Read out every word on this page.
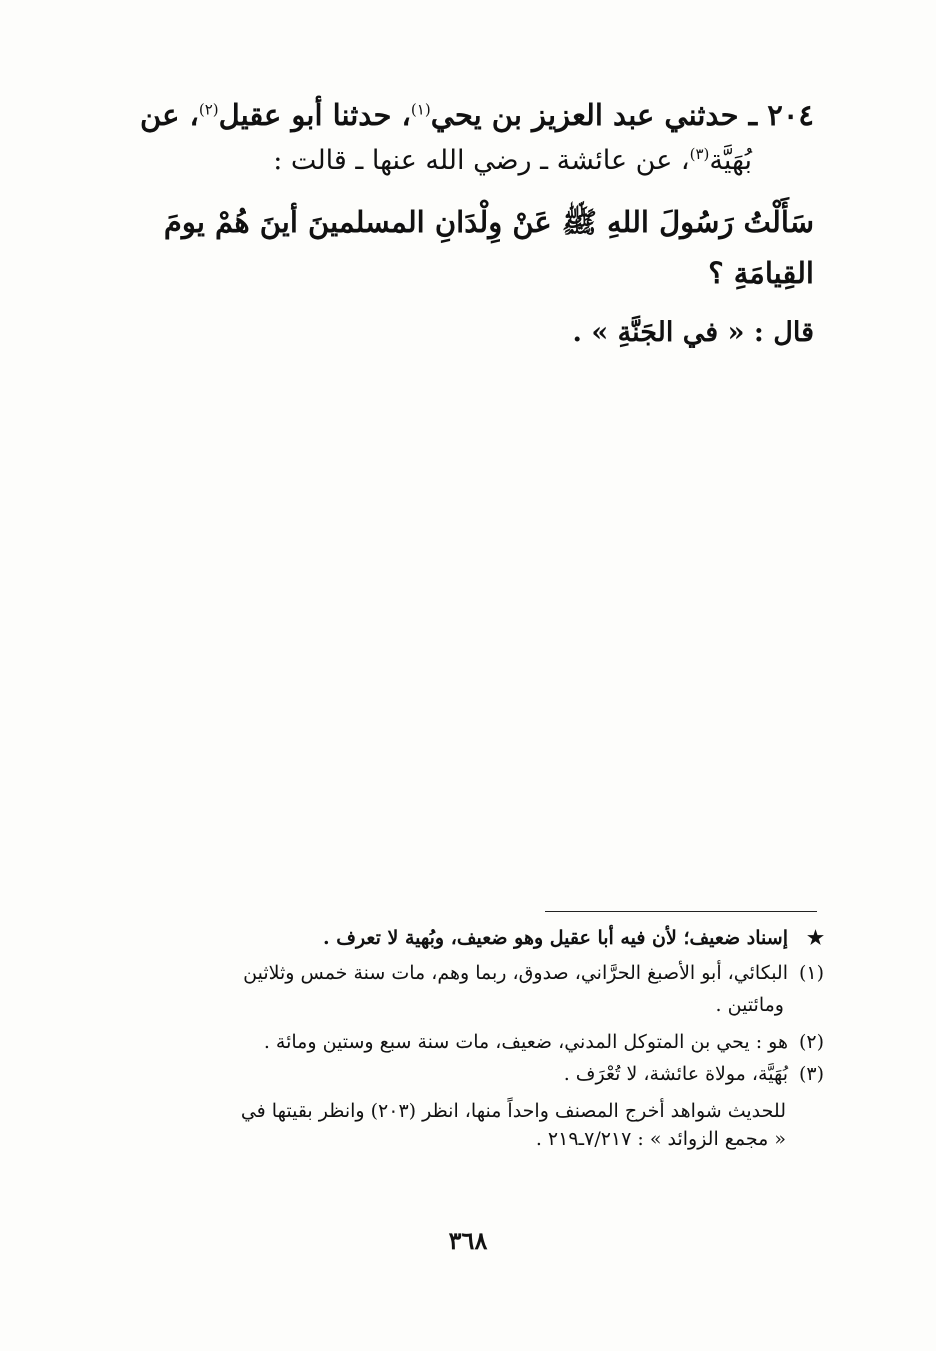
٢٠٤ ـ حدثني عبد العزيز بن يحي$^{(١)}$، حدثنا أبو عقيل$^{(٢)}$، عن
بُهَيَّة$^{(٣)}$، عن عائشة ـ رضي الله عنها ـ قالت :
سَأَلْتُ رَسُولَ اللهِ ﷺ عَنْ وِلْدَانِ المسلمينَ أينَ هُمْ يومَ
القِيامَةِ ؟
قال : « في الجَنَّةِ » .
★إسناد ضعيف؛ لأن فيه أبا عقيل وهو ضعيف، وبُهية لا تعرف .
(١)البكائي، أبو الأصبغ الحرَّاني، صدوق، ربما وهم، مات سنة خمس وثلاثين
ومائتين .
(٢)هو : يحي بن المتوكل المدني، ضعيف، مات سنة سبع وستين ومائة .
(٣)بُهَيَّة، مولاة عائشة، لا تُعْرَف .
للحديث شواهد أخرج المصنف واحداً منها، انظر (٢٠٣) وانظر بقيتها في
« مجمع الزوائد » : ٧/٢١٧ـ٢١٩ .
٣٦٨
